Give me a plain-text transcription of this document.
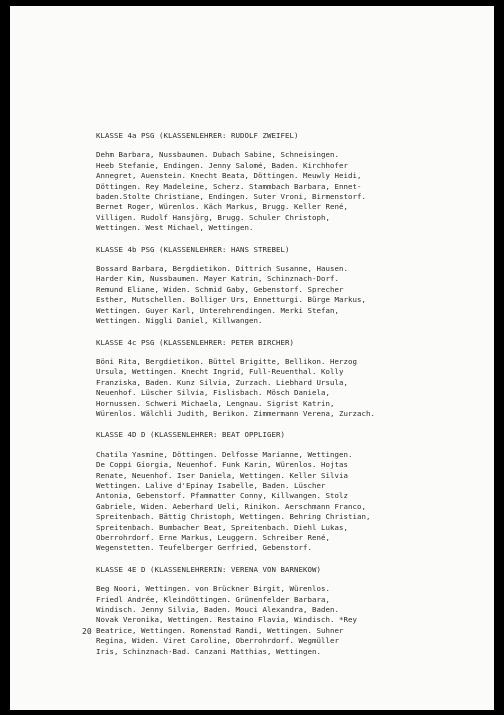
KLASSE 4a PSG (KLASSENLEHRER: RUDOLF ZWEIFEL)
Dehm Barbara, Nussbaumen. Dubach Sabine, Schneisingen.
Heeb Stefanie, Endingen. Jenny Salomé, Baden. Kirchhofer
Annegret, Auenstein. Knecht Beata, Döttingen. Meuwly Heidi,
Döttingen. Rey Madeleine, Scherz. Stammbach Barbara, Ennet-
baden.Stolte Christiane, Endingen. Suter Vroni, Birmenstorf.
Bernet Roger, Würenlos. Käch Markus, Brugg. Keller René,
Villigen. Rudolf Hansjörg, Brugg. Schuler Christoph,
Wettingen. West Michael, Wettingen.
KLASSE 4b PSG (KLASSENLEHRER: HANS STREBEL)
Bossard Barbara, Bergdietikon. Dittrich Susanne, Hausen.
Harder Kim, Nussbaumen. Mayer Katrin, Schinznach-Dorf.
Remund Eliane, Widen. Schmid Gaby, Gebenstorf. Sprecher
Esther, Mutschellen. Bolliger Urs, Ennetturgi. Bürge Markus,
Wettingen. Guyer Karl, Unterehrendingen. Merki Stefan,
Wettingen. Niggli Daniel, Killwangen.
KLASSE 4c PSG (KLASSENLEHRER: PETER BIRCHER)
Böni Rita, Bergdietikon. Büttel Brigitte, Bellikon. Herzog
Ursula, Wettingen. Knecht Ingrid, Full-Reuenthal. Kolly
Franziska, Baden. Kunz Silvia, Zurzach. Liebhard Ursula,
Neuenhof. Lüscher Silvia, Fislisbach. Mösch Daniela,
Hornussen. Schweri Michaela, Lengnau. Sigrist Katrin,
Würenlos. Wälchli Judith, Berikon. Zimmermann Verena, Zurzach.
KLASSE 4D D (KLASSENLEHRER: BEAT OPPLIGER)
Chatila Yasmine, Döttingen. Delfosse Marianne, Wettingen.
De Coppi Giorgia, Neuenhof. Funk Karin, Würenlos. Hojtas
Renate, Neuenhof. Iser Daniela, Wettingen. Keller Silvia
Wettingen. Lalive d'Epinay Isabelle, Baden. Lüscher
Antonia, Gebenstorf. Pfammatter Conny, Killwangen. Stolz
Gabriele, Widen. Aeberhard Ueli, Rinikon. Aerschmann Franco,
Spreitenbach. Bättig Christoph, Wettingen. Behring Christian,
Spreitenbach. Bumbacher Beat, Spreitenbach. Diehl Lukas,
Oberrohrdorf. Erne Markus, Leuggern. Schreiber René,
Wegenstetten. Teufelberger Gerfried, Gebenstorf.
KLASSE 4E D (KLASSENLEHRERIN: VERENA VON BARNEKOW)
Beg Noori, Wettingen. von Brückner Birgit, Würenlos.
Friedl Andrée, Kleindöttingen. Grünenfelder Barbara,
Windisch. Jenny Silvia, Baden. Mouci Alexandra, Baden.
Novak Veronika, Wettingen. Restaino Flavia, Windisch. *Rey
Beatrice, Wettingen. Romenstad Randi, Wettingen. Suhner
Regina, Widen. Viret Caroline, Oberrohrdorf. Wegmüller
Iris, Schinznach-Bad. Canzani Matthias, Wettingen.
20
